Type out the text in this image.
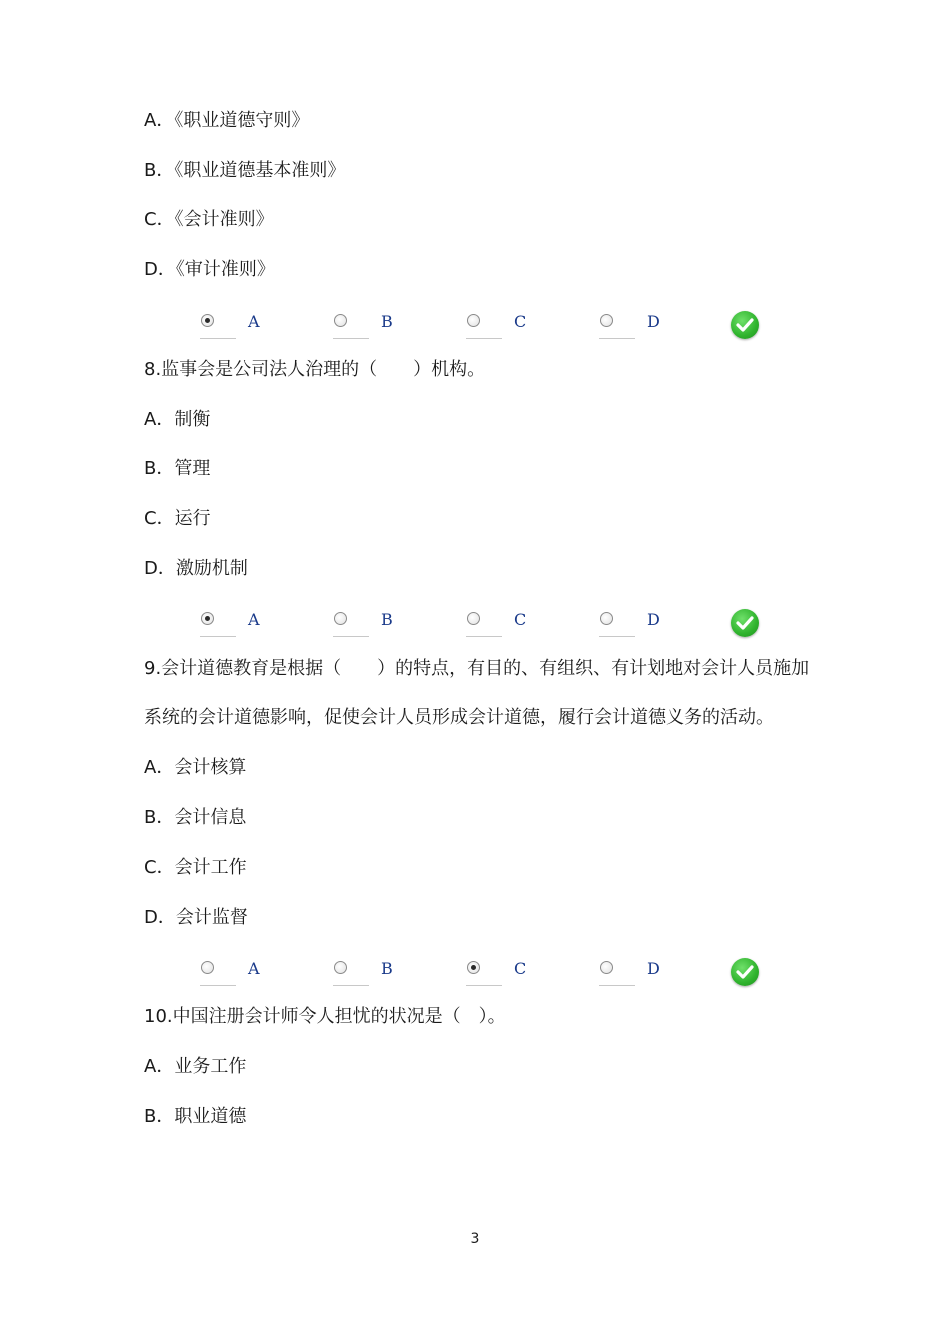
A．《职业道德守则》
B．《职业道德基本准则》
C．《会计准则》
D．《审计准则》
A	B	C	D
8.监事会是公司法人治理的（　　）机构。
A．制衡
B．管理
C．运行
D．激励机制
A	B	C	D
9.会计道德教育是根据（　　）的特点，有目的、有组织、有计划地对会计人员施加
系统的会计道德影响，促使会计人员形成会计道德，履行会计道德义务的活动。
A．会计核算
B．会计信息
C．会计工作
D．会计监督
A	B	C	D
10.中国注册会计师令人担忧的状况是（　）。
A．业务工作
B．职业道德
3
